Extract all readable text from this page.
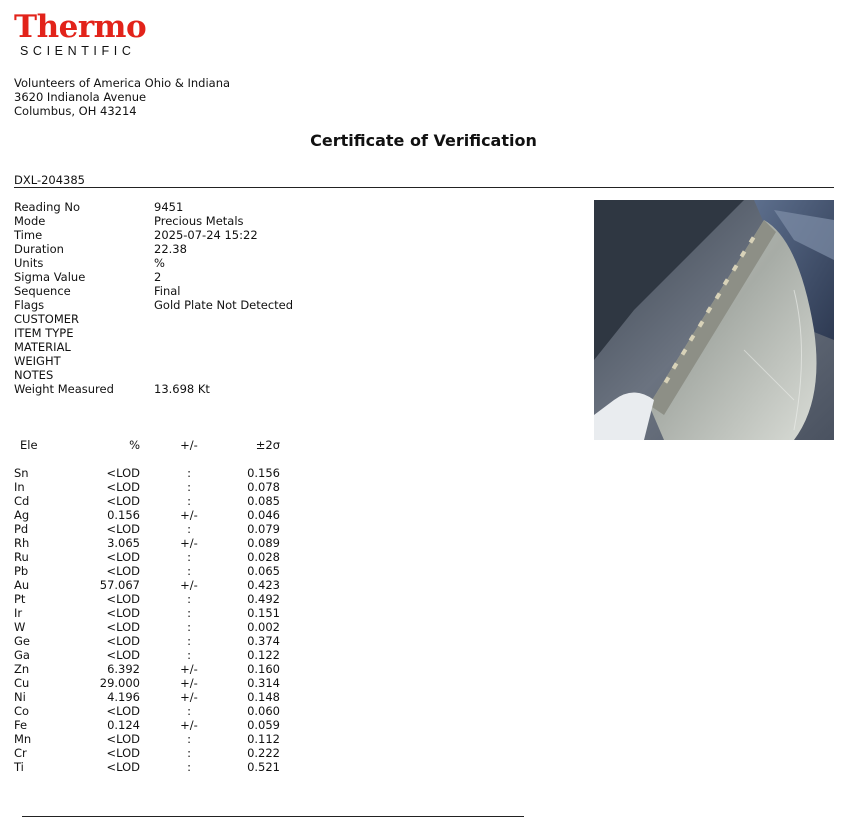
Thermo
SCIENTIFIC
Volunteers of America Ohio & Indiana
3620 Indianola Avenue
Columbus, OH 43214
Certificate of Verification
DXL-204385
Reading No	9451
Mode	Precious Metals
Time	2025-07-24 15:22
Duration	22.38
Units	%
Sigma Value	2
Sequence	Final
Flags	Gold Plate Not Detected
CUSTOMER
ITEM TYPE
MATERIAL
WEIGHT
NOTES
Weight Measured	13.698 Kt
Ele	%	+/-	±2σ
Sn	<LOD	:	0.156
In	<LOD	:	0.078
Cd	<LOD	:	0.085
Ag	0.156	+/-	0.046
Pd	<LOD	:	0.079
Rh	3.065	+/-	0.089
Ru	<LOD	:	0.028
Pb	<LOD	:	0.065
Au	57.067	+/-	0.423
Pt	<LOD	:	0.492
Ir	<LOD	:	0.151
W	<LOD	:	0.002
Ge	<LOD	:	0.374
Ga	<LOD	:	0.122
Zn	6.392	+/-	0.160
Cu	29.000	+/-	0.314
Ni	4.196	+/-	0.148
Co	<LOD	:	0.060
Fe	0.124	+/-	0.059
Mn	<LOD	:	0.112
Cr	<LOD	:	0.222
Ti	<LOD	:	0.521
